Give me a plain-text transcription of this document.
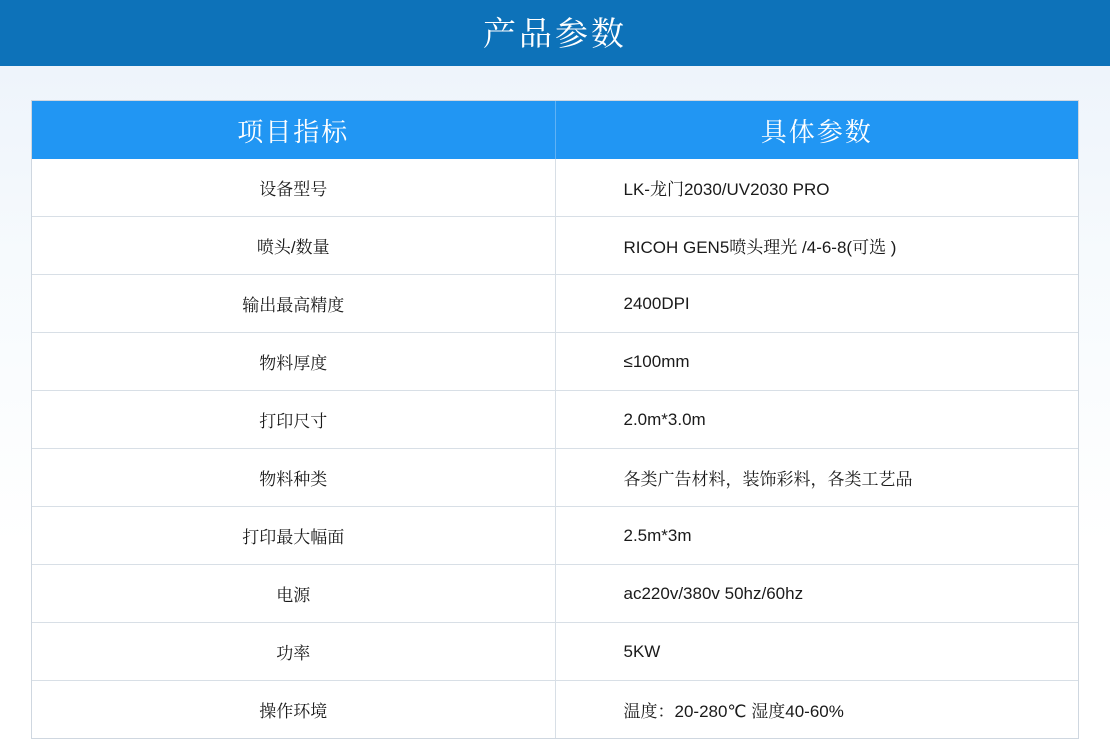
产品参数
项目指标	具体参数
设备型号	LK-龙门2030/UV2030 PRO
喷头/数量	RICOH GEN5喷头理光 /4-6-8(可选 )
输出最高精度	2400DPI
物料厚度	≤100mm
打印尺寸	2.0m*3.0m
物料种类	各类广告材料，装饰彩料，各类工艺品
打印最大幅面	2.5m*3m
电源	ac220v/380v 50hz/60hz
功率	5KW
操作环境	温度：20-280℃ 湿度40-60%
